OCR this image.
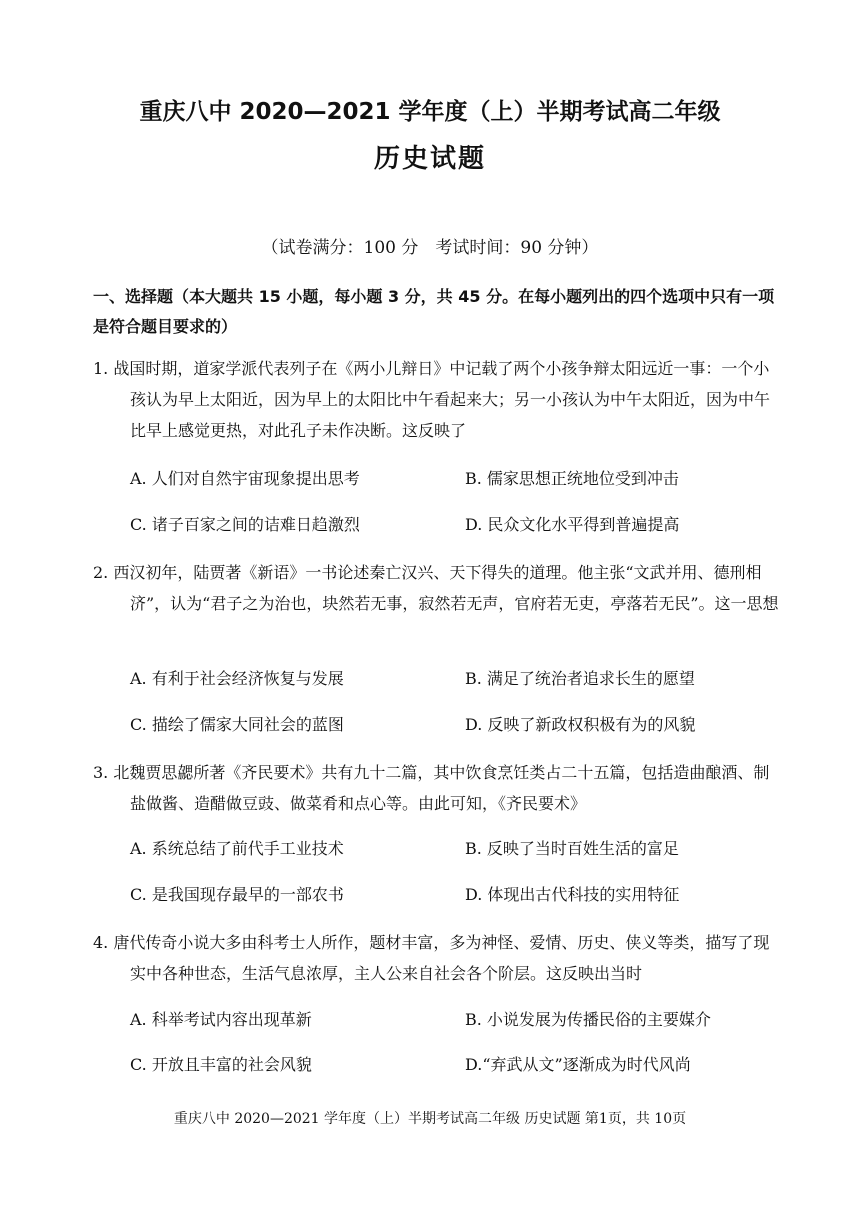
重庆八中 2020—2021 学年度（上）半期考试高二年级
历史试题
（试卷满分：100 分　考试时间：90 分钟）
一、选择题（本大题共 15 小题，每小题 3 分，共 45 分。在每小题列出的四个选项中只有一项是符合题目要求的）
1. 战国时期，道家学派代表列子在《两小儿辩日》中记载了两个小孩争辩太阳远近一事：一个小孩认为早上太阳近，因为早上的太阳比中午看起来大；另一小孩认为中午太阳近，因为中午比早上感觉更热，对此孔子未作决断。这反映了
A. 人们对自然宇宙现象提出思考	B. 儒家思想正统地位受到冲击
C. 诸子百家之间的诘难日趋激烈	D. 民众文化水平得到普遍提高
2. 西汉初年，陆贾著《新语》一书论述秦亡汉兴、天下得失的道理。他主张“文武并用、德刑相济”，认为“君子之为治也，块然若无事，寂然若无声，官府若无吏，亭落若无民”。这一思想
A. 有利于社会经济恢复与发展	B. 满足了统治者追求长生的愿望
C. 描绘了儒家大同社会的蓝图	D. 反映了新政权积极有为的风貌
3. 北魏贾思勰所著《齐民要术》共有九十二篇，其中饮食烹饪类占二十五篇，包括造曲酿酒、制盐做酱、造醋做豆豉、做菜肴和点心等。由此可知，《齐民要术》
A. 系统总结了前代手工业技术	B. 反映了当时百姓生活的富足
C. 是我国现存最早的一部农书	D. 体现出古代科技的实用特征
4. 唐代传奇小说大多由科考士人所作，题材丰富，多为神怪、爱情、历史、侠义等类，描写了现实中各种世态，生活气息浓厚，主人公来自社会各个阶层。这反映出当时
A. 科举考试内容出现革新	B. 小说发展为传播民俗的主要媒介
C. 开放且丰富的社会风貌	D.“弃武从文”逐渐成为时代风尚
重庆八中 2020—2021 学年度（上）半期考试高二年级 历史试题 第1页，共 10页
